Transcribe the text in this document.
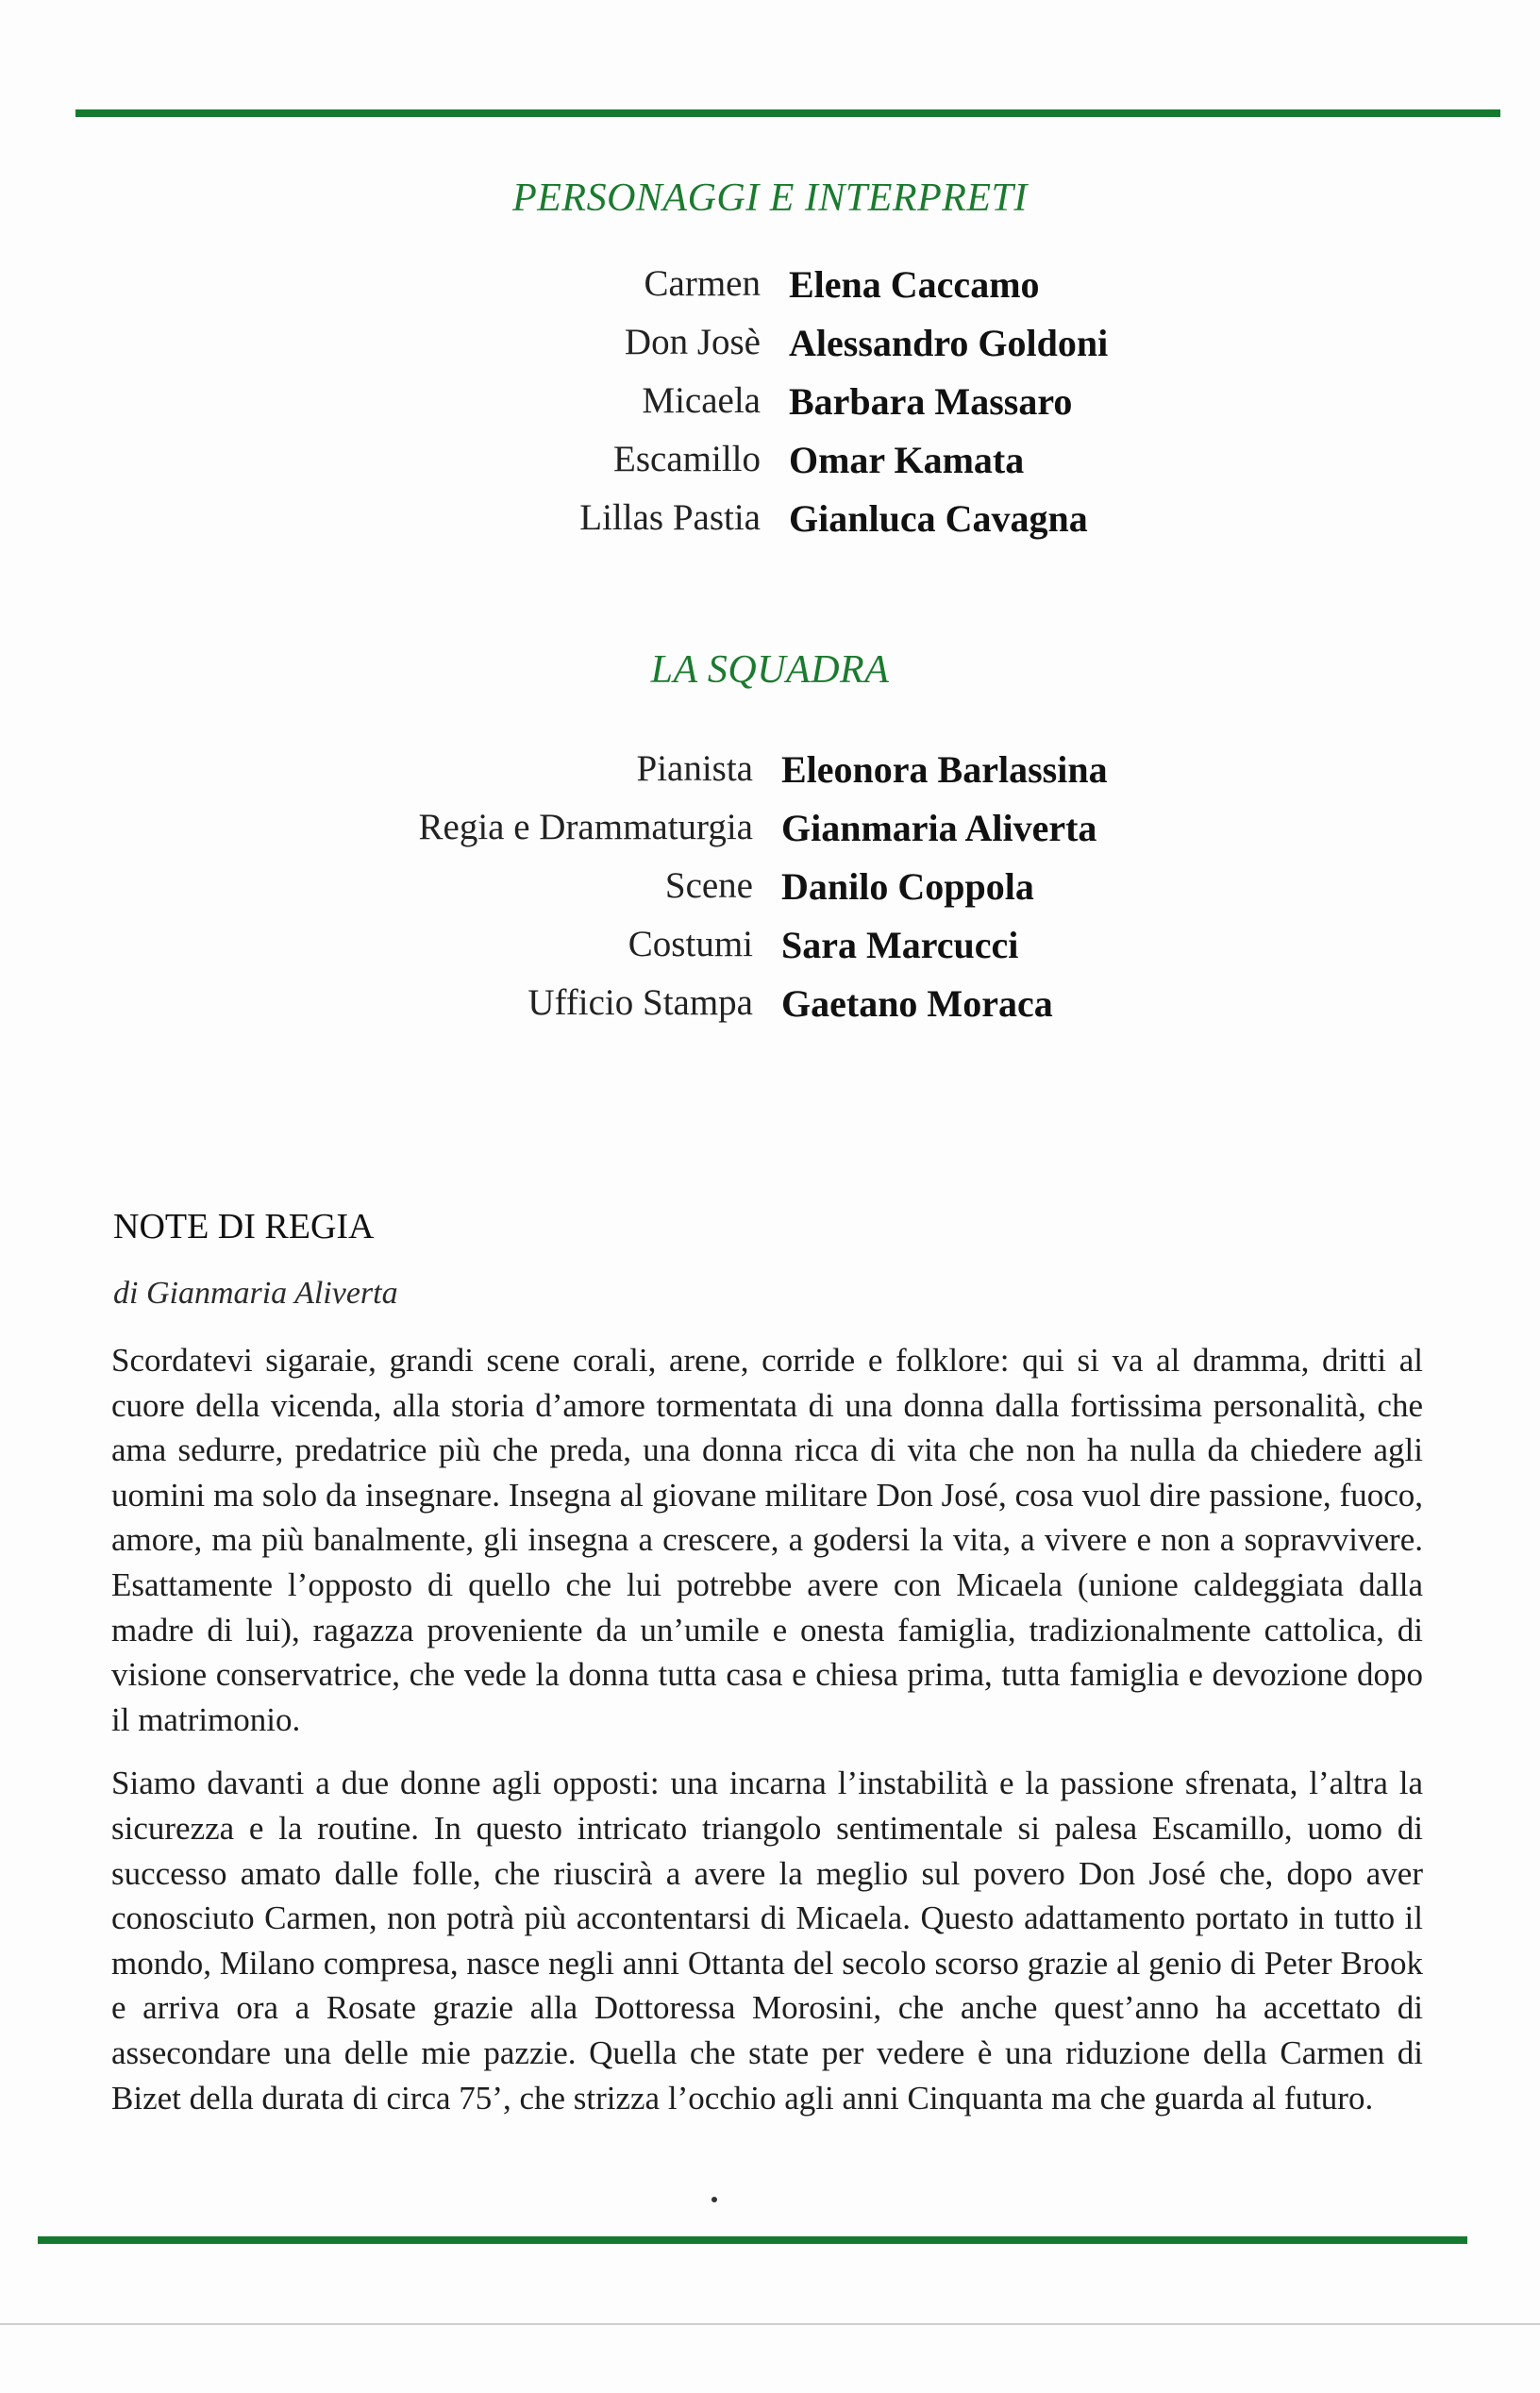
PERSONAGGI E INTERPRETI
Carmen Elena Caccamo
Don Josè Alessandro Goldoni
Micaela Barbara Massaro
Escamillo Omar Kamata
Lillas Pastia Gianluca Cavagna
LA SQUADRA
Pianista Eleonora Barlassina
Regia e Drammaturgia Gianmaria Aliverta
Scene Danilo Coppola
Costumi Sara Marcucci
Ufficio Stampa Gaetano Moraca
NOTE DI REGIA
di Gianmaria Aliverta

Scordatevi sigaraie, grandi scene corali, arene, corride e folklore: qui si va al dramma, dritti al cuore della vicenda, alla storia d’amore tormentata di una donna dalla fortissima personalità, che ama sedurre, predatrice più che preda, una donna ricca di vita che non ha nulla da chiedere agli uomini ma solo da insegnare. Insegna al giovane militare Don José, cosa vuol dire passione, fuoco, amore, ma più banalmente, gli insegna a crescere, a godersi la vita, a vivere e non a sopravvivere. Esattamente l’opposto di quello che lui potrebbe avere con Micaela (unione caldeggiata dalla madre di lui), ragazza proveniente da un’umile e onesta famiglia, tradizionalmente cattolica, di visione conservatrice, che vede la donna tutta casa e chiesa prima, tutta famiglia e devozione dopo il matrimonio.

Siamo davanti a due donne agli opposti: una incarna l’instabilità e la passione sfrenata, l’altra la sicurezza e la routine. In questo intricato triangolo sentimentale si palesa Escamillo, uomo di successo amato dalle folle, che riuscirà a avere la meglio sul povero Don José che, dopo aver conosciuto Carmen, non potrà più accontentarsi di Micaela. Questo adattamento portato in tutto il mondo, Milano compresa, nasce negli anni Ottanta del secolo scorso grazie al genio di Peter Brook e arriva ora a Rosate grazie alla Dottoressa Morosini, che anche quest’anno ha accettato di assecondare una delle mie pazzie. Quella che state per vedere è una riduzione della Carmen di Bizet della durata di circa 75’, che strizza l’occhio agli anni Cinquanta ma che guarda al futuro.
